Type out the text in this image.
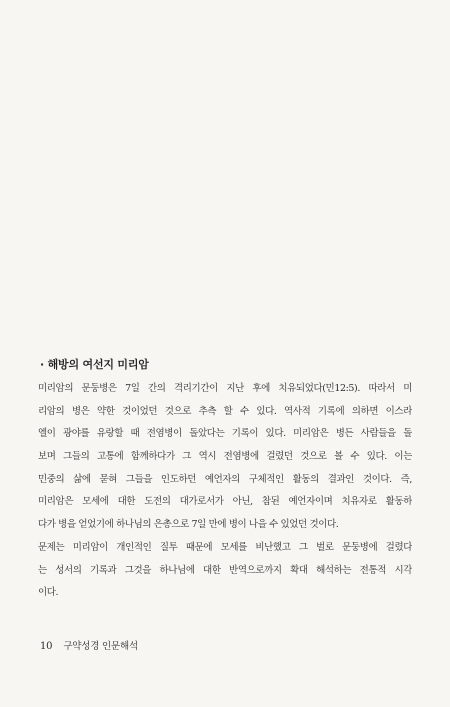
· 해방의 여선지 미리암
미리암의 문둥병은 7일 간의 격리기간이 지난 후에 치유되었다(민12:5). 따라서 미
리암의 병은 약한 것이었던 것으로 추측 할 수 있다. 역사적 기록에 의하면 이스라
엘이 광야를 유랑할 때 전염병이 돌았다는 기록이 있다. 미리암은 병든 사람들을 돌
보며 그들의 고통에 함께하다가 그 역시 전염병에 걸렸던 것으로 볼 수 있다. 이는
민중의 삶에 묻혀 그들을 인도하던 예언자의 구체적인 활동의 결과인 것이다. 즉,
미리암은 모세에 대한 도전의 대가로서가 아닌, 참된 예언자이며 치유자로 활동하
다가 병을 얻었기에 하나님의 은총으로 7일 만에 병이 나을 수 있었던 것이다.
문제는 미리암이 개인적인 질투 때문에 모세를 비난했고 그 벌로 문둥병에 걸렸다
는 성서의 기록과 그것을 하나님에 대한 반역으로까지 확대 해석하는 전통적 시각
이다.
10 구약성경 인문해석
